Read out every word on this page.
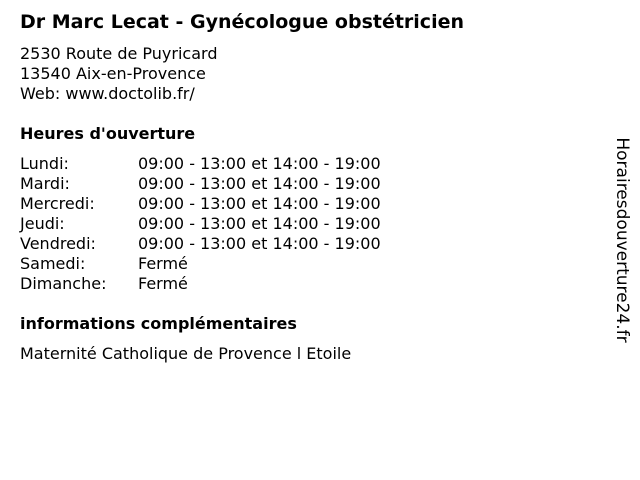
Dr Marc Lecat - Gynécologue obstétricien
2530 Route de Puyricard
13540 Aix-en-Provence
Web: www.doctolib.fr/
Heures d'ouverture
Lundi:	09:00 - 13:00 et 14:00 - 19:00
Mardi:	09:00 - 13:00 et 14:00 - 19:00
Mercredi:	09:00 - 13:00 et 14:00 - 19:00
Jeudi:	09:00 - 13:00 et 14:00 - 19:00
Vendredi:	09:00 - 13:00 et 14:00 - 19:00
Samedi:	Fermé
Dimanche: Fermé
informations complémentaires
Maternité Catholique de Provence l Etoile
Horairesdouverture24.fr
